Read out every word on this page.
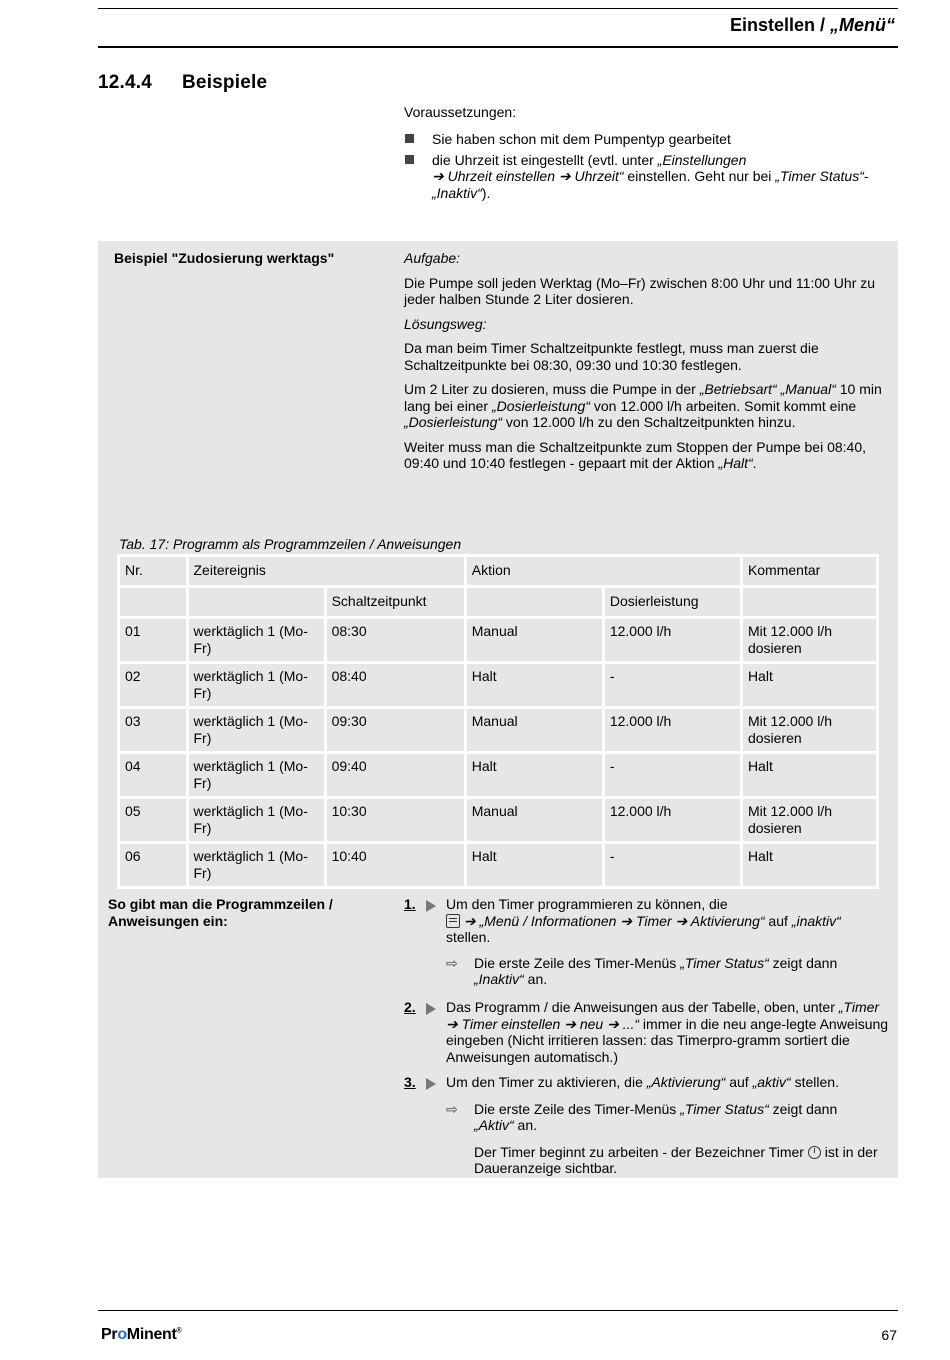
Einstellen / „Menü“
12.4.4 Beispiele
Voraussetzungen:
Sie haben schon mit dem Pumpentyp gearbeitet
die Uhrzeit ist eingestellt (evtl. unter „Einstellungen
➔ Uhrzeit einstellen ➔ Uhrzeit“ einstellen. Geht nur bei „Timer Status“- „Inaktiv“).
Beispiel "Zudosierung werktags"	Aufgabe:

Die Pumpe soll jeden Werktag (Mo–Fr) zwischen 8:00 Uhr und 11:00 Uhr zu jeder halben Stunde 2 Liter dosieren.

Lösungsweg:

Da man beim Timer Schaltzeitpunkte festlegt, muss man zuerst die Schaltzeitpunkte bei 08:30, 09:30 und 10:30 festlegen.

Um 2 Liter zu dosieren, muss die Pumpe in der „Betriebsart“ „Manual“ 10 min lang bei einer „Dosierleistung“ von 12.000 l/h arbeiten. Somit kommt eine „Dosierleistung“ von 12.000 l/h zu den Schaltzeitpunkten hinzu.

Weiter muss man die Schaltzeitpunkte zum Stoppen der Pumpe bei 08:40, 09:40 und 10:40 festlegen - gepaart mit der Aktion „Halt“.

Tab. 17: Programm als Programmzeilen / Anweisungen
Nr.	Zeitereignis		Aktion		Kommentar
		Schaltzeitpunkt		Dosierleistung	
01	werktäglich 1 (Mo-Fr)	08:30	Manual	12.000 l/h	Mit 12.000 l/h dosieren
02	werktäglich 1 (Mo-Fr)	08:40	Halt	-	Halt
03	werktäglich 1 (Mo-Fr)	09:30	Manual	12.000 l/h	Mit 12.000 l/h dosieren
04	werktäglich 1 (Mo-Fr)	09:40	Halt	-	Halt
05	werktäglich 1 (Mo-Fr)	10:30	Manual	12.000 l/h	Mit 12.000 l/h dosieren
06	werktäglich 1 (Mo-Fr)	10:40	Halt	-	Halt
So gibt man die Programmzeilen / Anweisungen ein:
1. Um den Timer programmieren zu können, die
➔ „Menü / Informationen ➔ Timer ➔ Aktivierung“ auf „inaktiv“ stellen.
⇨ Die erste Zeile des Timer-Menüs „Timer Status“ zeigt dann
„Inaktiv“ an.
2. Das Programm / die Anweisungen aus der Tabelle, oben, unter „Timer ➔ Timer einstellen ➔ neu ➔ ...“ immer in die neu ange-legte Anweisung eingeben (Nicht irritieren lassen: das Timerpro-gramm sortiert die Anweisungen automatisch.)
3. Um den Timer zu aktivieren, die „Aktivierung“ auf „aktiv“ stellen.
⇨ Die erste Zeile des Timer-Menüs „Timer Status“ zeigt dann
„Aktiv“ an.
Der Timer beginnt zu arbeiten - der Bezeichner Timer  ist in der Daueranzeige sichtbar.
ProMinent®	67
